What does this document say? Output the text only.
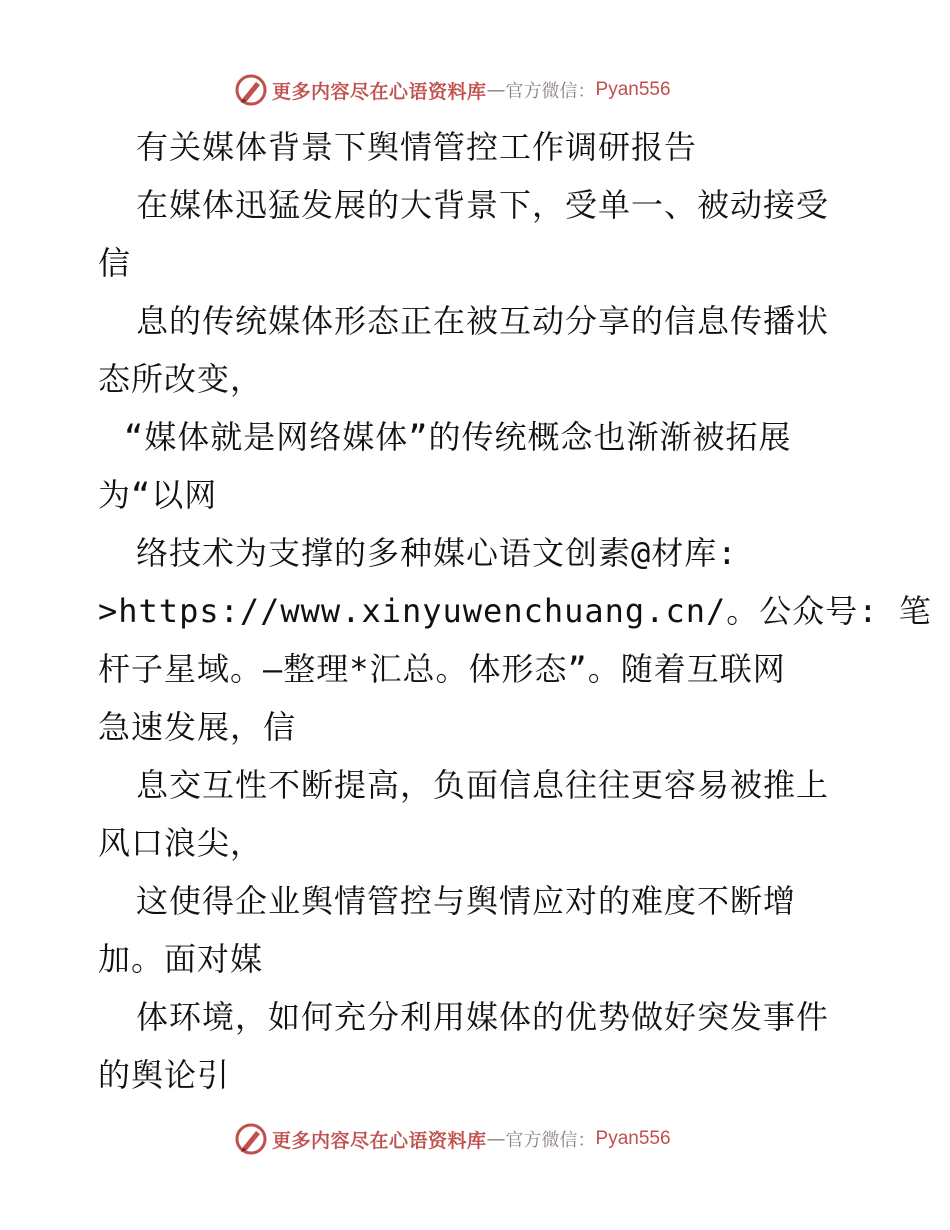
更多内容尽在心语资料库 — 官方微信： Pyan556
有关媒体背景下舆情管控工作调研报告
在媒体迅猛发展的大背景下，受单一、被动接受
信
息的传统媒体形态正在被互动分享的信息传播状
态所改变，
“媒体就是网络媒体”的传统概念也渐渐被拓展
为“以网
络技术为支撑的多种媒心语文创素@材库:
>https://www.xinyuwenchuang.cn/。公众号: 笔
杆子星域。—整理*汇总。体形态”。随着互联网
急速发展，信
息交互性不断提高，负面信息往往更容易被推上
风口浪尖，
这使得企业舆情管控与舆情应对的难度不断增
加。面对媒
体环境，如何充分利用媒体的优势做好突发事件
的舆论引
更多内容尽在心语资料库 — 官方微信： Pyan556
